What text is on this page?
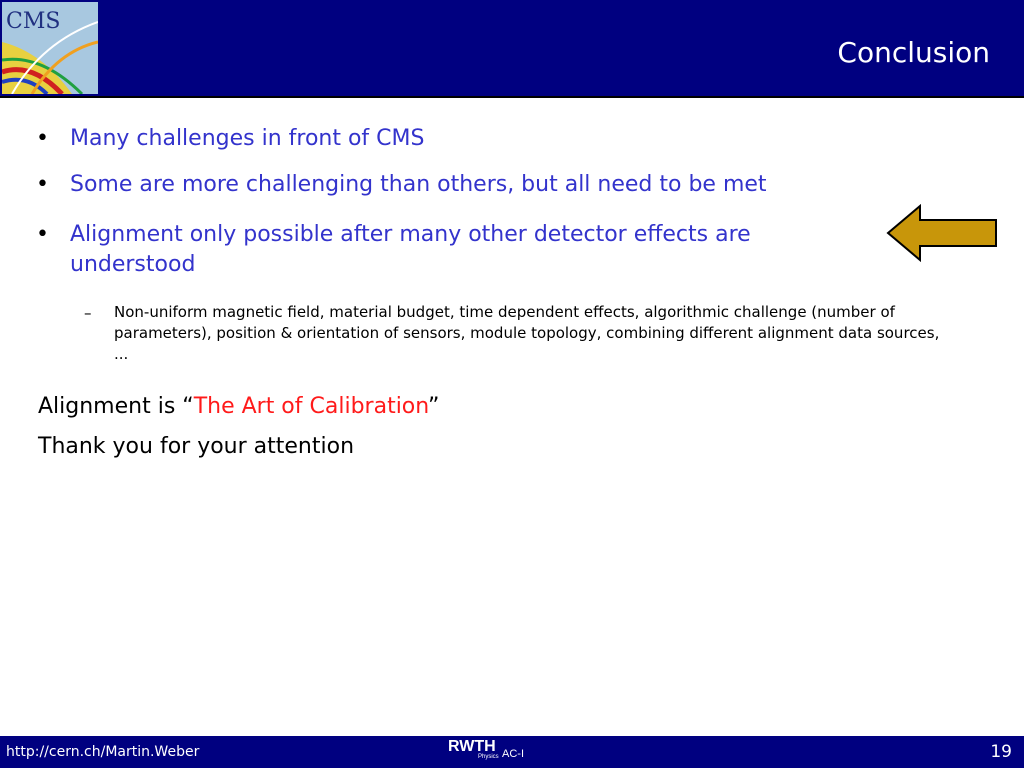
CMS
Conclusion
• Many challenges in front of CMS
• Some are more challenging than others, but all need to be met
• Alignment only possible after many other detector effects are understood
– Non-uniform magnetic field, material budget, time dependent effects, algorithmic challenge (number of parameters), position & orientation of sensors, module topology, combining different alignment data sources, ...
Alignment is “The Art of Calibration”
Thank you for your attention
http://cern.ch/Martin.Weber	RWTH
Physics AC-I	19
